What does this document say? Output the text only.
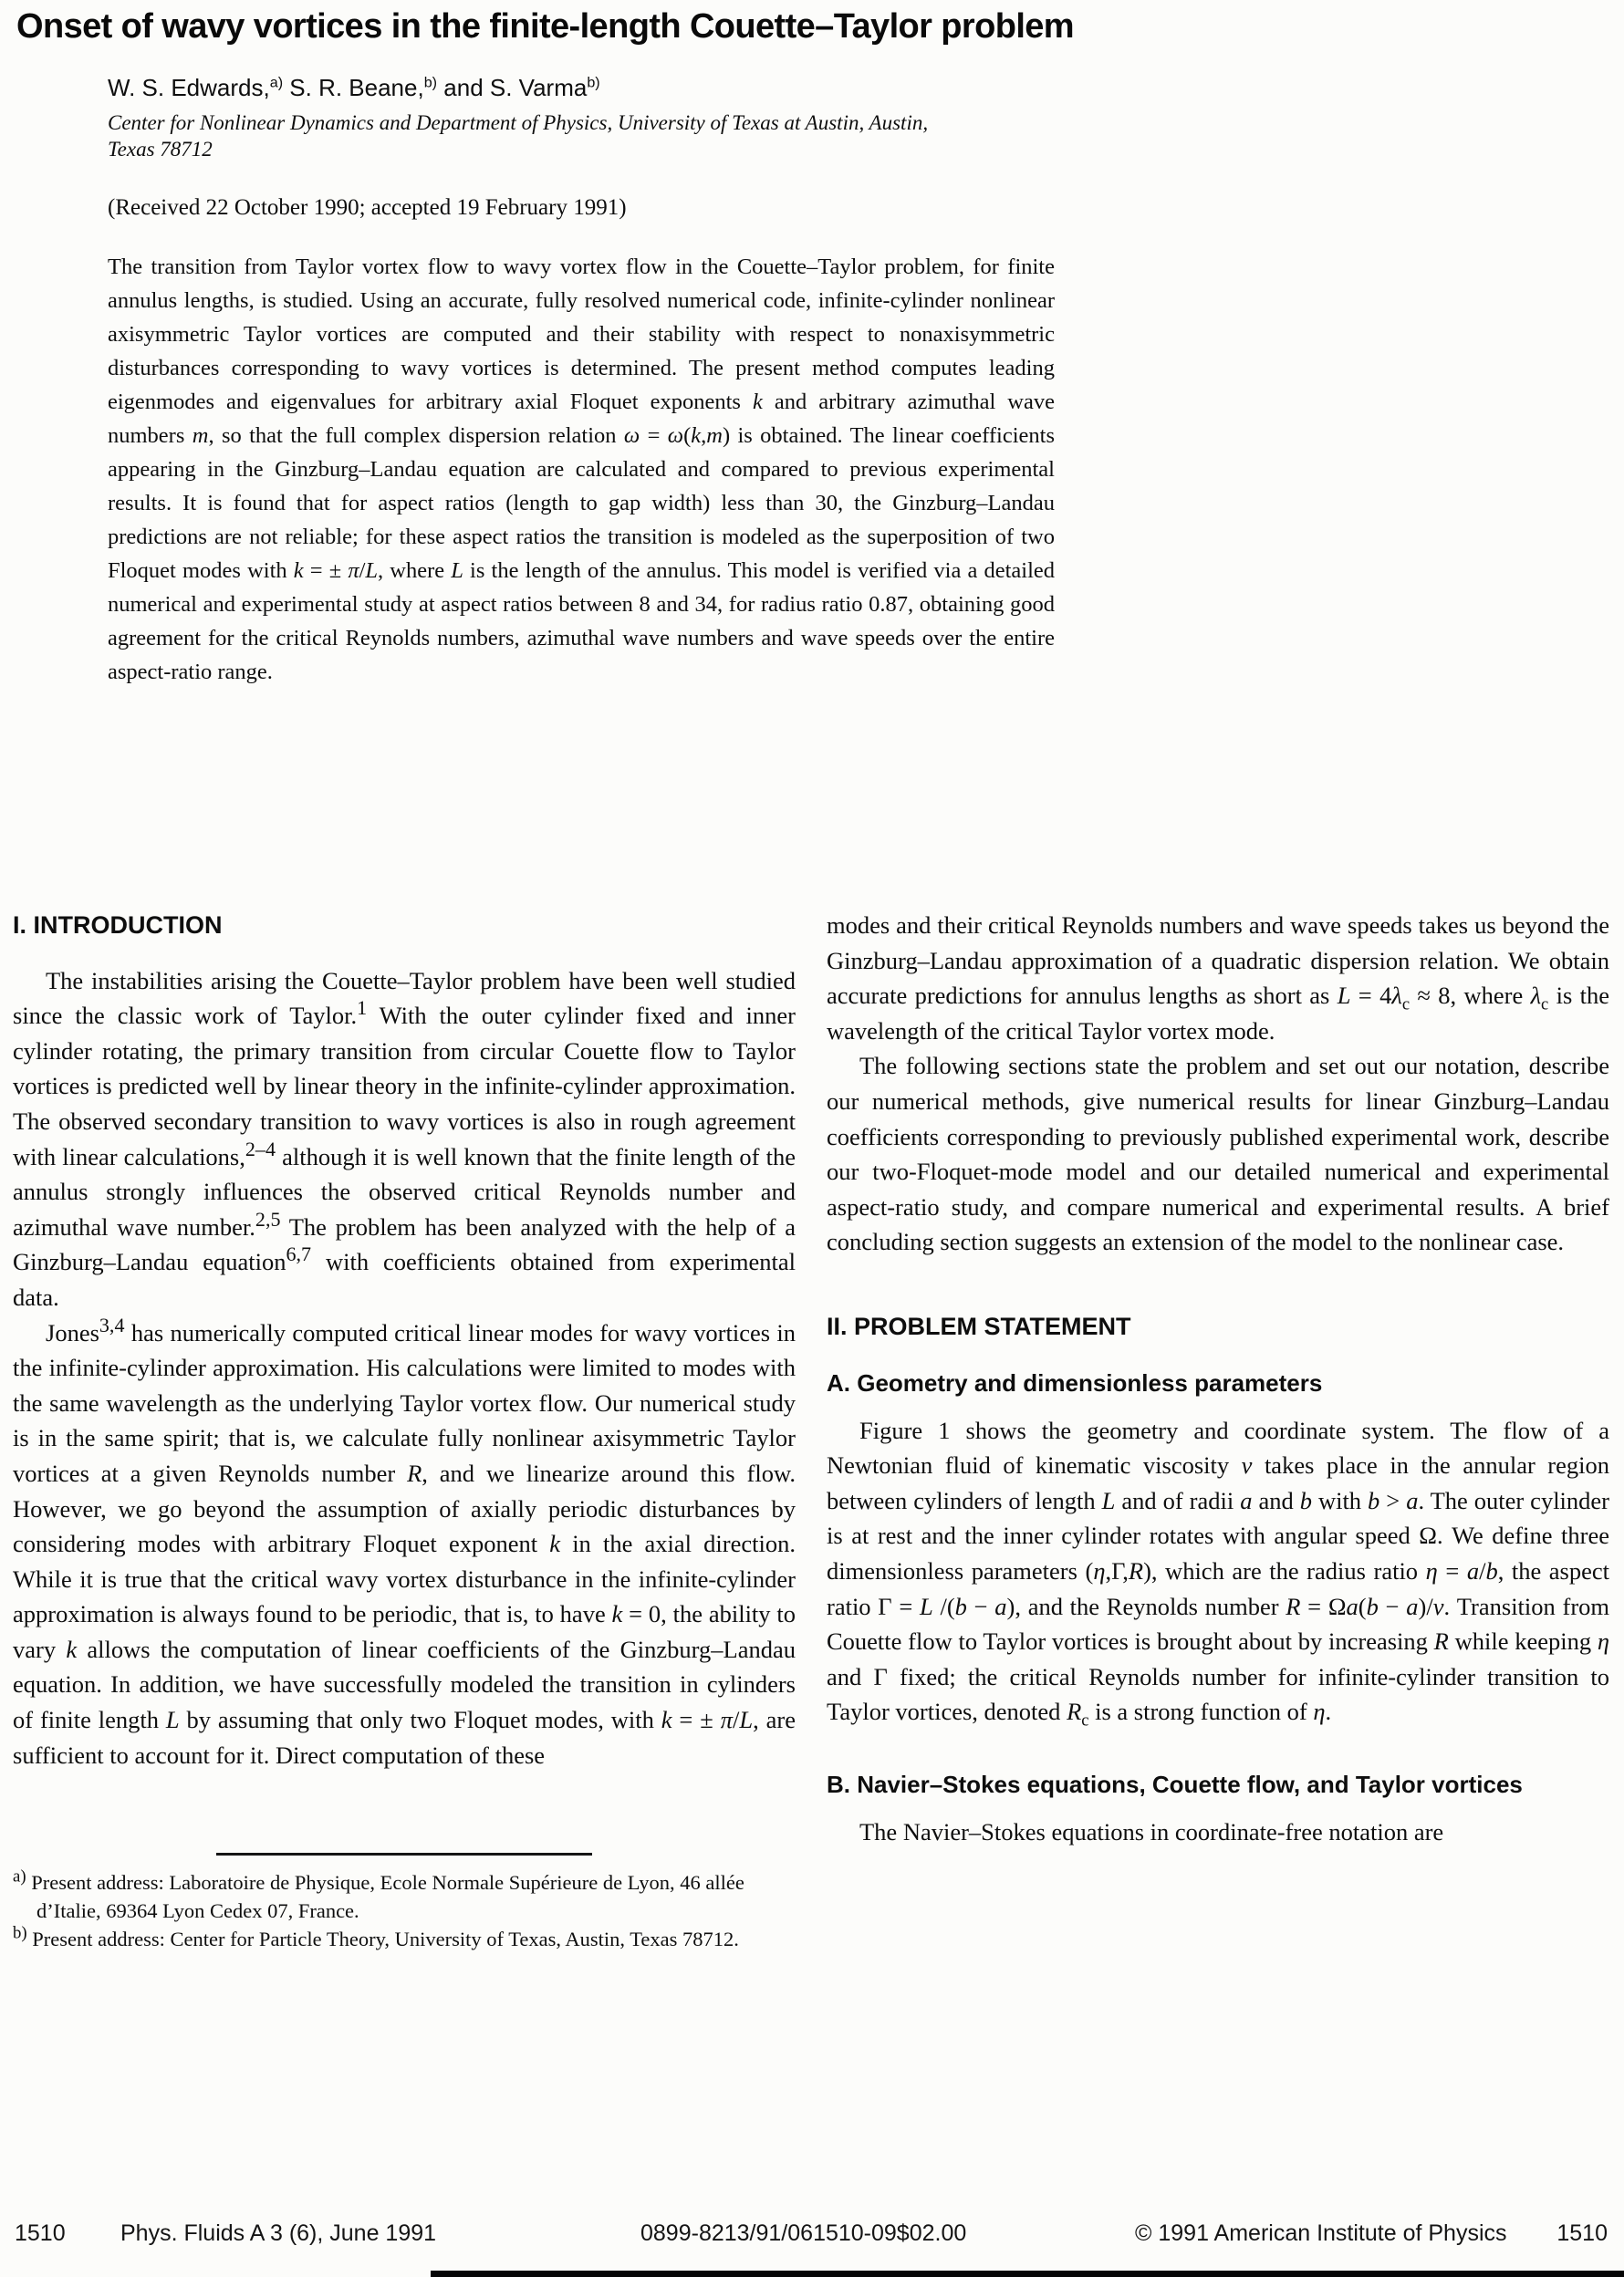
Onset of wavy vortices in the finite-length Couette–Taylor problem
W. S. Edwards,$^{a)}$ S. R. Beane,$^{b)}$ and S. Varma$^{b)}$
Center for Nonlinear Dynamics and Department of Physics, University of Texas at Austin, Austin,
Texas 78712
(Received 22 October 1990; accepted 19 February 1991)
The transition from Taylor vortex flow to wavy vortex flow in the Couette–Taylor problem, for finite annulus lengths, is studied. Using an accurate, fully resolved numerical code, infinite-cylinder nonlinear axisymmetric Taylor vortices are computed and their stability with respect to nonaxisymmetric disturbances corresponding to wavy vortices is determined. The present method computes leading eigenmodes and eigenvalues for arbitrary axial Floquet exponents k and arbitrary azimuthal wave numbers m, so that the full complex dispersion relation ω = ω(k,m) is obtained. The linear coefficients appearing in the Ginzburg–Landau equation are calculated and compared to previous experimental results. It is found that for aspect ratios (length to gap width) less than 30, the Ginzburg–Landau predictions are not reliable; for these aspect ratios the transition is modeled as the superposition of two Floquet modes with k = ± π/L, where L is the length of the annulus. This model is verified via a detailed numerical and experimental study at aspect ratios between 8 and 34, for radius ratio 0.87, obtaining good agreement for the critical Reynolds numbers, azimuthal wave numbers and wave speeds over the entire aspect-ratio range.
I. INTRODUCTION

The instabilities arising the Couette–Taylor problem have been well studied since the classic work of Taylor.$^1$ With the outer cylinder fixed and inner cylinder rotating, the primary transition from circular Couette flow to Taylor vortices is predicted well by linear theory in the infinite-cylinder approximation. The observed secondary transition to wavy vortices is also in rough agreement with linear calculations,$^{2-4}$ although it is well known that the finite length of the annulus strongly influences the observed critical Reynolds number and azimuthal wave number.$^{2,5}$ The problem has been analyzed with the help of a Ginzburg–Landau equation$^{6,7}$ with coefficients obtained from experimental data.

Jones$^{3,4}$ has numerically computed critical linear modes for wavy vortices in the infinite-cylinder approximation. His calculations were limited to modes with the same wavelength as the underlying Taylor vortex flow. Our numerical study is in the same spirit; that is, we calculate fully nonlinear axisymmetric Taylor vortices at a given Reynolds number R, and we linearize around this flow. However, we go beyond the assumption of axially periodic disturbances by considering modes with arbitrary Floquet exponent k in the axial direction. While it is true that the critical wavy vortex disturbance in the infinite-cylinder approximation is always found to be periodic, that is, to have k = 0, the ability to vary k allows the computation of linear coefficients of the Ginzburg–Landau equation. In addition, we have successfully modeled the transition in cylinders of finite length L by assuming that only two Floquet modes, with k = ± π/L, are sufficient to account for it. Direct computation of these

$^{a)}$ Present address: Laboratoire de Physique, Ecole Normale Supérieure de Lyon, 46 allée d’Italie, 69364 Lyon Cedex 07, France.

$^{b)}$ Present address: Center for Particle Theory, University of Texas, Austin, Texas 78712.

modes and their critical Reynolds numbers and wave speeds takes us beyond the Ginzburg–Landau approximation of a quadratic dispersion relation. We obtain accurate predictions for annulus lengths as short as $L = 4\lambda_c \approx 8$, where $\lambda_c$ is the wavelength of the critical Taylor vortex mode.

The following sections state the problem and set out our notation, describe our numerical methods, give numerical results for linear Ginzburg–Landau coefficients corresponding to previously published experimental work, describe our two-Floquet-mode model and our detailed numerical and experimental aspect-ratio study, and compare numerical and experimental results. A brief concluding section suggests an extension of the model to the nonlinear case.

II. PROBLEM STATEMENT
A. Geometry and dimensionless parameters

Figure 1 shows the geometry and coordinate system. The flow of a Newtonian fluid of kinematic viscosity ν takes place in the annular region between cylinders of length L and of radii a and b with b > a. The outer cylinder is at rest and the inner cylinder rotates with angular speed Ω. We define three dimensionless parameters (η,Γ,R), which are the radius ratio η = a/b, the aspect ratio Γ = L /(b − a), and the Reynolds number R = Ωa(b − a)/ν. Transition from Couette flow to Taylor vortices is brought about by increasing R while keeping η and Γ fixed; the critical Reynolds number for infinite-cylinder transition to Taylor vortices, denoted $R_c$ is a strong function of η.

B. Navier–Stokes equations, Couette flow, and Taylor vortices

The Navier–Stokes equations in coordinate-free notation are

1510 Phys. Fluids A 3 (6), June 1991	0899-8213/91/061510-09$02.00	© 1991 American Institute of Physics 1510
